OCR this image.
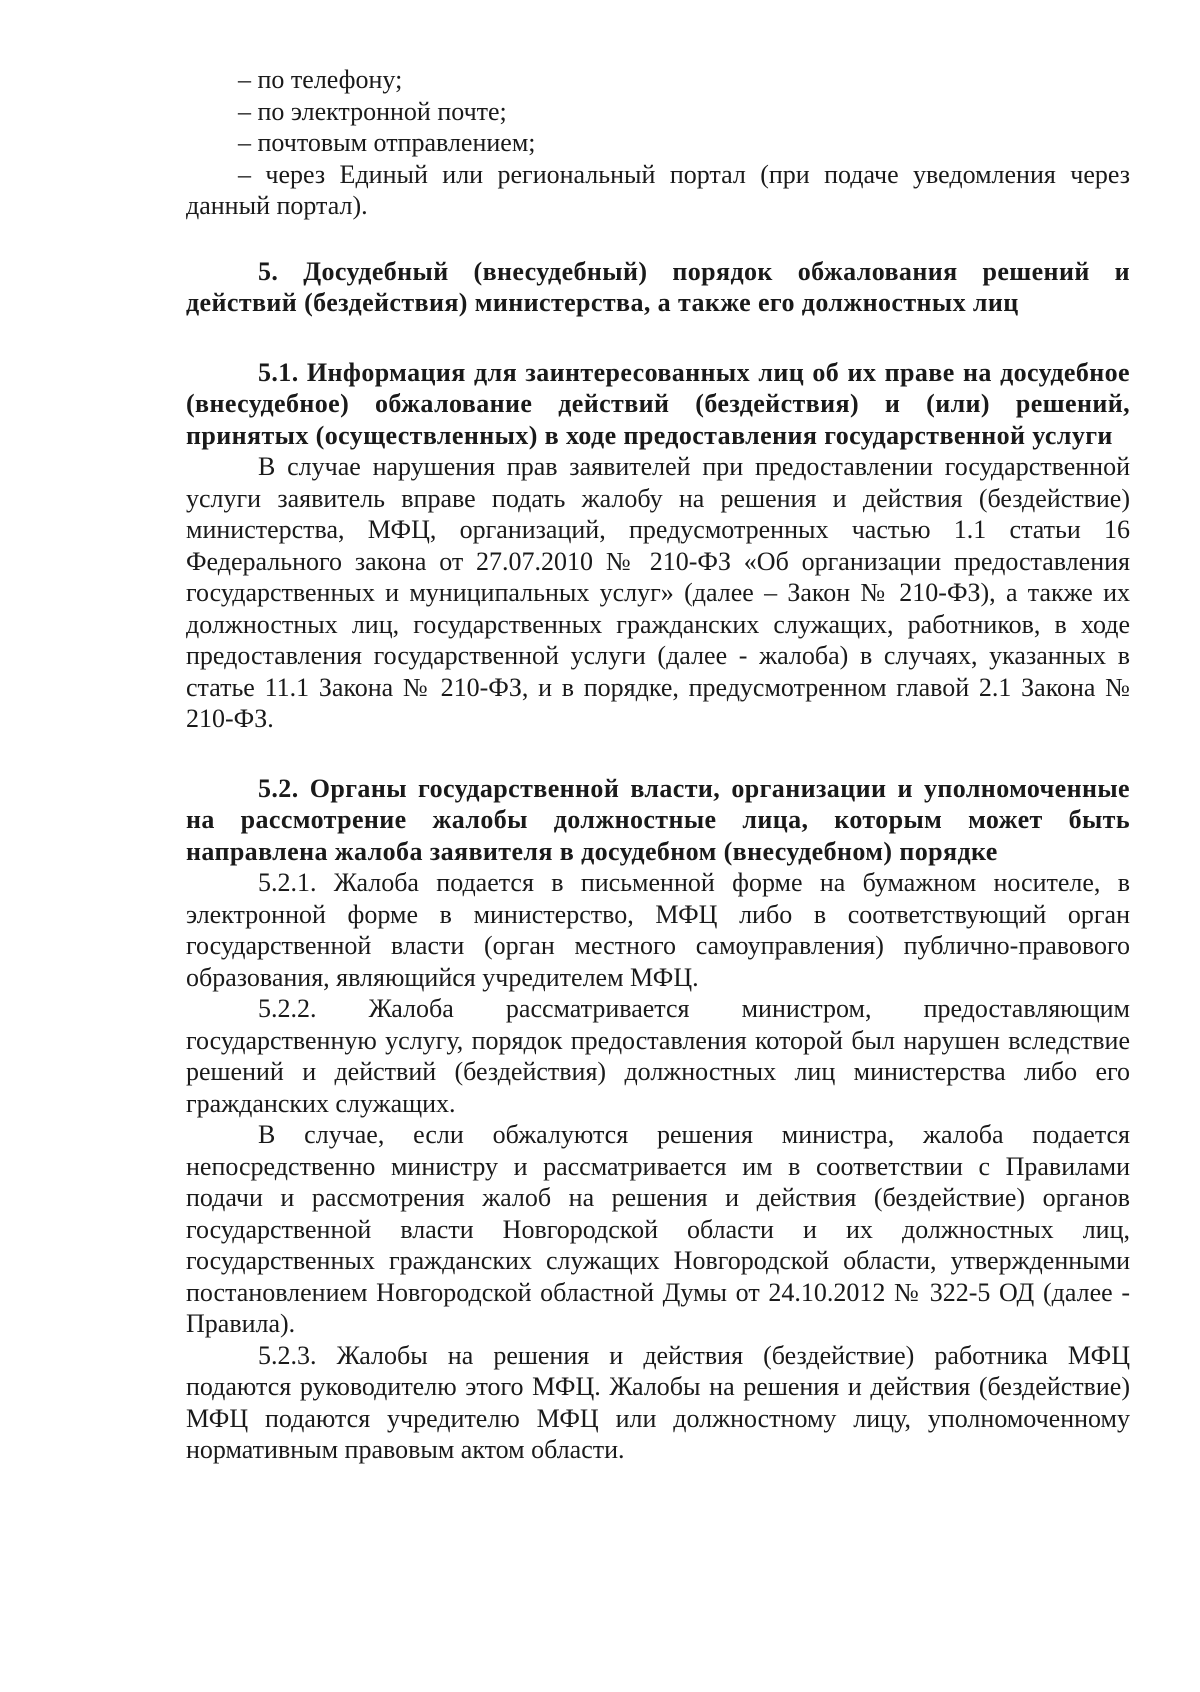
– по телефону;

– по электронной почте;

– почтовым отправлением;

– через Единый или региональный портал (при подаче уведомления через данный портал).

5. Досудебный (внесудебный) порядок обжалования решений и действий (бездействия) министерства, а также его должностных лиц

5.1. Информация для заинтересованных лиц об их праве на досудебное (внесудебное) обжалование действий (бездействия) и (или) решений, принятых (осуществленных) в ходе предоставления государственной услуги

В случае нарушения прав заявителей при предоставлении государственной услуги заявитель вправе подать жалобу на решения и действия (бездействие) министерства, МФЦ, организаций, предусмотренных частью 1.1 статьи 16 Федерального закона от 27.07.2010 № 210-ФЗ «Об организации предоставления государственных и муниципальных услуг» (далее – Закон № 210-ФЗ), а также их должностных лиц, государственных гражданских служащих, работников, в ходе предоставления государственной услуги (далее - жалоба) в случаях, указанных в статье 11.1 Закона № 210-ФЗ, и в порядке, предусмотренном главой 2.1 Закона № 210-ФЗ.

5.2. Органы государственной власти, организации и уполномоченные на рассмотрение жалобы должностные лица, которым может быть направлена жалоба заявителя в досудебном (внесудебном) порядке

5.2.1. Жалоба подается в письменной форме на бумажном носителе, в электронной форме в министерство, МФЦ либо в соответствующий орган государственной власти (орган местного самоуправления) публично-правового образования, являющийся учредителем МФЦ.

5.2.2. Жалоба рассматривается министром, предоставляющим государственную услугу, порядок предоставления которой был нарушен вследствие решений и действий (бездействия) должностных лиц министерства либо его гражданских служащих.

В случае, если обжалуются решения министра, жалоба подается непосредственно министру и рассматривается им в соответствии с Правилами подачи и рассмотрения жалоб на решения и действия (бездействие) органов государственной власти Новгородской области и их должностных лиц, государственных гражданских служащих Новгородской области, утвержденными постановлением Новгородской областной Думы от 24.10.2012 № 322-5 ОД (далее - Правила).

5.2.3. Жалобы на решения и действия (бездействие) работника МФЦ подаются руководителю этого МФЦ. Жалобы на решения и действия (бездействие) МФЦ подаются учредителю МФЦ или должностному лицу, уполномоченному нормативным правовым актом области.
